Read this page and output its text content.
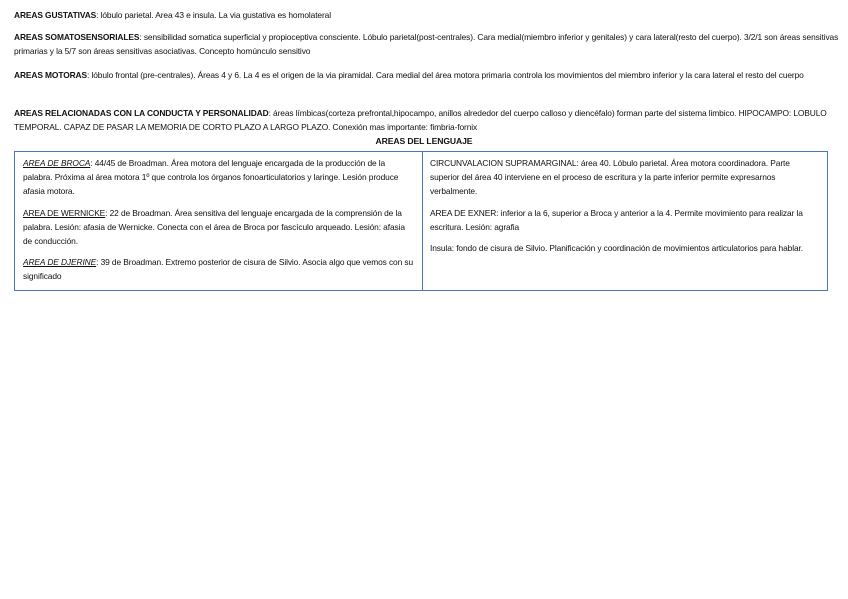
AREAS GUSTATIVAS: lóbulo parietal. Area 43 e insula. La via gustativa es homolateral

AREAS SOMATOSENSORIALES: sensibilidad somatica superficial y propioceptiva consciente. Lóbulo parietal(post-centrales). Cara medial(miembro inferior y genitales) y cara lateral(resto del cuerpo). 3/2/1 son áreas sensitivas primarias y la 5/7 son áreas sensitivas asociativas. Concepto homúnculo sensitivo

AREAS MOTORAS: lóbulo frontal (pre-centrales). Áreas 4 y 6. La 4 es el origen de la via piramidal. Cara medial del área motora primaria controla los movimientos del miembro inferior y la cara lateral el resto del cuerpo

AREAS RELACIONADAS CON LA CONDUCTA Y PERSONALIDAD: áreas límbicas(corteza prefrontal,hipocampo, anillos alrededor del cuerpo calloso y diencéfalo) forman parte del sistema limbico. HIPOCAMPO: LOBULO TEMPORAL. CAPAZ DE PASAR LA MEMORIA DE CORTO PLAZO A LARGO PLAZO. Conexión mas importante: fimbria-fornix

AREAS DEL LENGUAJE

AREA DE BROCA: 44/45 de Broadman. Área motora del lenguaje encargada de la producción de la palabra. Próxima al área motora 1º que controla los órganos fonoarticulatorios y laringe. Lesión produce afasia motora.

AREA DE WERNICKE: 22 de Broadman. Área sensitiva del lenguaje encargada de la comprensión de la palabra. Lesión: afasia de Wernicke. Conecta con el área de Broca por fascículo arqueado. Lesión: afasia de conducción.

AREA DE DJERINE: 39 de Broadman. Extremo posterior de cisura de Silvio. Asocia algo que vemos con su significado

CIRCUNVALACION SUPRAMARGINAL: área 40. Lóbulo parietal. Área motora coordinadora. Parte superior del área 40 interviene en el proceso de escritura y la parte inferior permite expresarnos verbalmente.

AREA DE EXNER: inferior a la 6, superior a Broca y anterior a la 4. Permite movimiento para realizar la escritura. Lesión: agrafia

Insula: fondo de cisura de Silvio. Planificación y coordinación de movimientos articulatorios para hablar.
